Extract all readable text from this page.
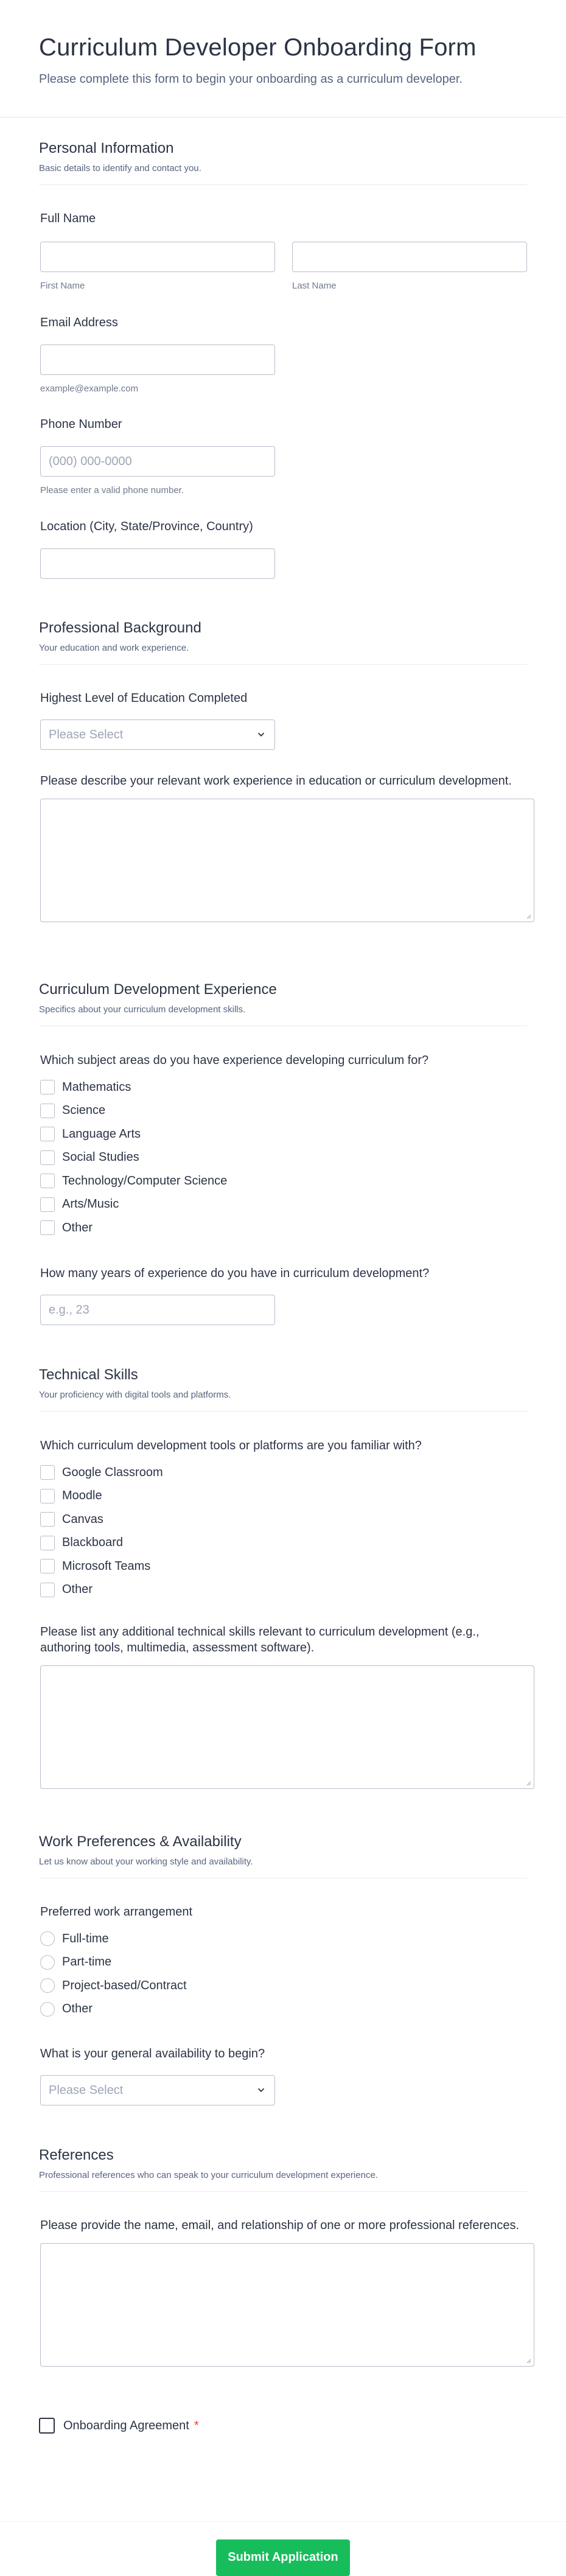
Curriculum Developer Onboarding Form

Please complete this form to begin your onboarding as a curriculum developer.

Personal Information

Basic details to identify and contact you.

Full Name
First Name	Last Name
Email Address
example@example.com
Phone Number
(000) 000-0000
Please enter a valid phone number.
Location (City, State/Province, Country)
Professional Background

Your education and work experience.

Highest Level of Education Completed
Please Select
Please describe your relevant work experience in education or curriculum development.
Curriculum Development Experience

Specifics about your curriculum development skills.

Which subject areas do you have experience developing curriculum for?
Mathematics
Science
Language Arts
Social Studies
Technology/Computer Science
Arts/Music
Other
How many years of experience do you have in curriculum development?
e.g., 23
Technical Skills

Your proficiency with digital tools and platforms.

Which curriculum development tools or platforms are you familiar with?
Google Classroom
Moodle
Canvas
Blackboard
Microsoft Teams
Other
Please list any additional technical skills relevant to curriculum development (e.g., authoring tools, multimedia, assessment software).
Work Preferences & Availability

Let us know about your working style and availability.

Preferred work arrangement
Full-time
Part-time
Project-based/Contract
Other
What is your general availability to begin?
Please Select
References

Professional references who can speak to your curriculum development experience.

Please provide the name, email, and relationship of one or more professional references.
Onboarding Agreement *
Submit Application
